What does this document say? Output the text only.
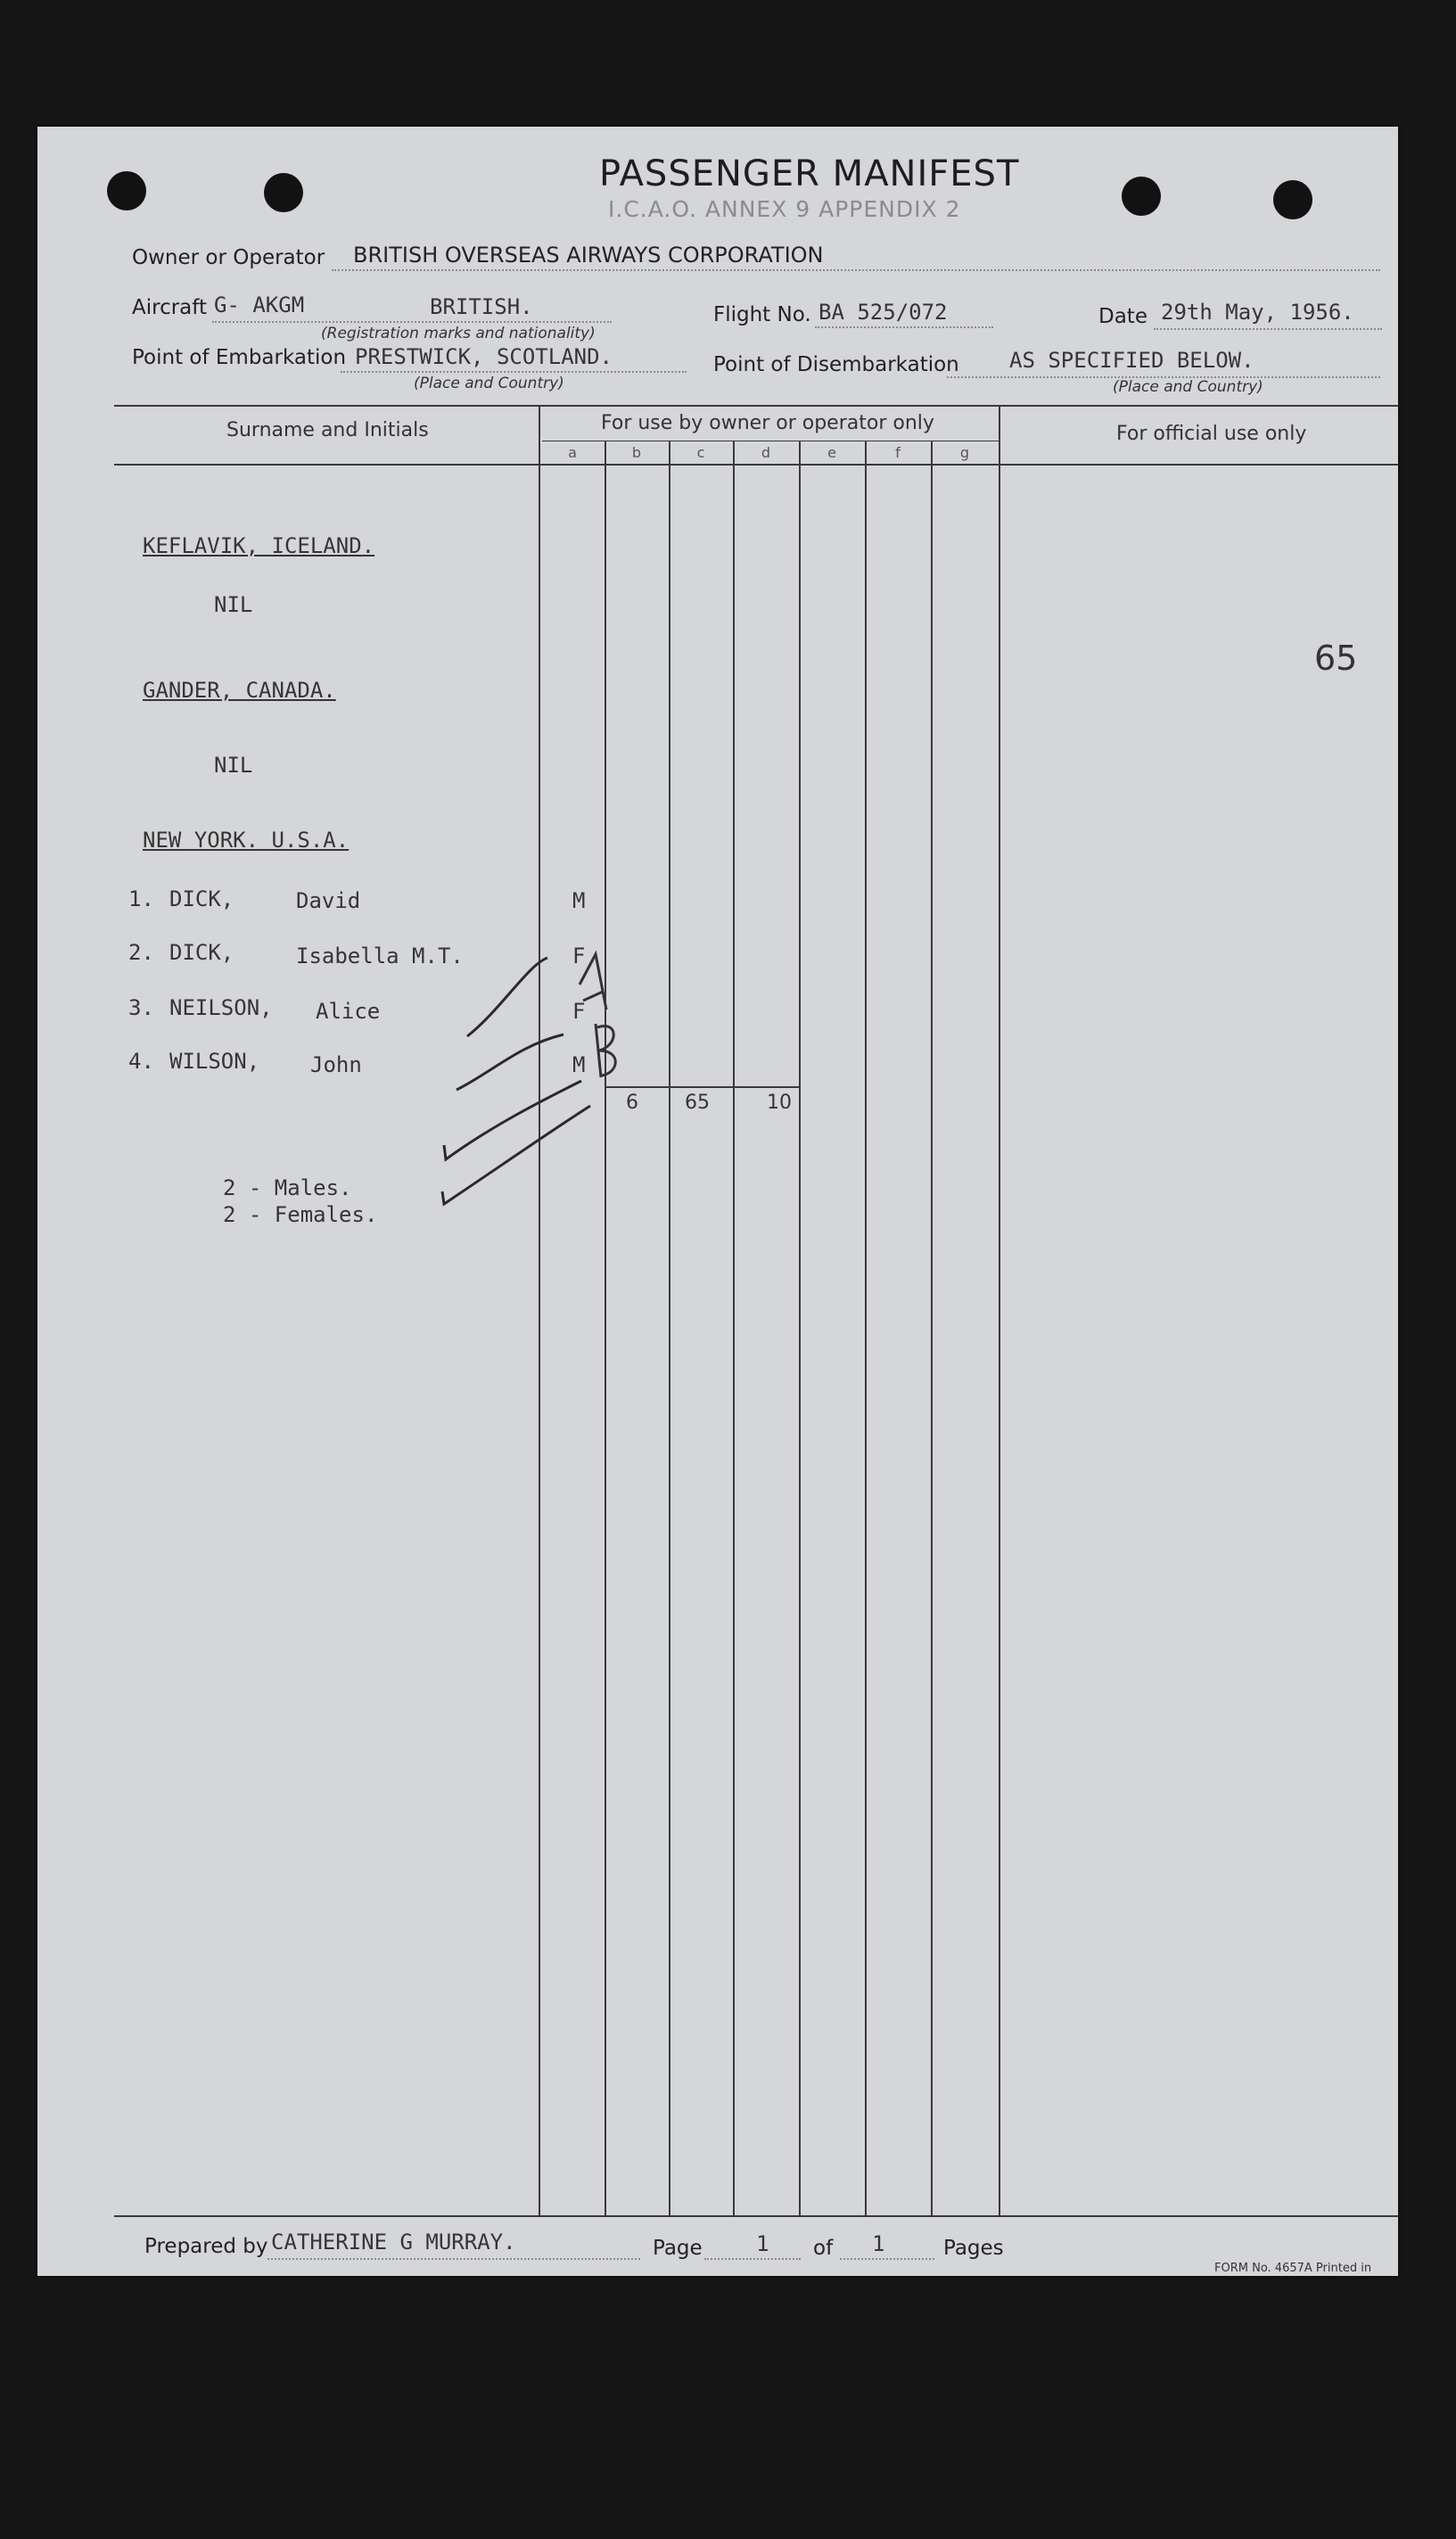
PASSENGER MANIFEST
I.C.A.O. ANNEX 9 APPENDIX 2
Owner or Operator BRITISH OVERSEAS AIRWAYS CORPORATION
Aircraft G- AKGM	BRITISH.
(Registration marks and nationality)
Flight No. BA 525/072	Date 29th May, 1956.
Point of Embarkation PRESTWICK, SCOTLAND.
(Place and Country)
Point of Disembarkation AS SPECIFIED BELOW.
(Place and Country)
Surname and Initials	For use by owner or operator only	For official use only
a	b	c	d	e	f	g
KEFLAVIK, ICELAND.
NIL
GANDER, CANADA.
NIL
NEW YORK. U.S.A.
1. DICK,	David	M
2. DICK,	Isabella M.T.	F
3. NEILSON, Alice	F
4. WILSON, John	M
6 65	10
2 - Males.
2 - Females.
65
Prepared by CATHERINE G MURRAY.	Page	1 of 1	Pages
FORM No. 4657A Printed in
